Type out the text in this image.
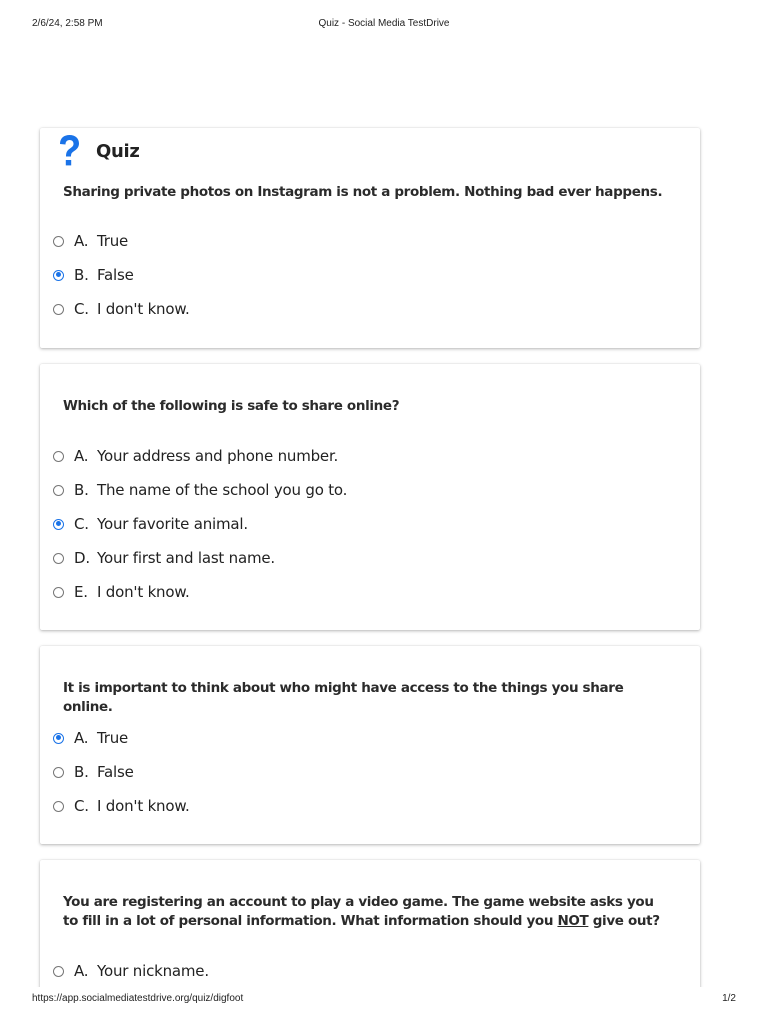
2/6/24, 2:58 PM	Quiz - Social Media TestDrive
Quiz
Sharing private photos on Instagram is not a problem. Nothing bad ever happens.
A. True
B. False
C. I don't know.
Which of the following is safe to share online?
A. Your address and phone number.
B. The name of the school you go to.
C. Your favorite animal.
D. Your first and last name.
E. I don't know.
It is important to think about who might have access to the things you share online.
A. True
B. False
C. I don't know.
You are registering an account to play a video game. The game website asks you to fill in a lot of personal information. What information should you NOT give out?
A. Your nickname.
https://app.socialmediatestdrive.org/quiz/digfoot	1/2
